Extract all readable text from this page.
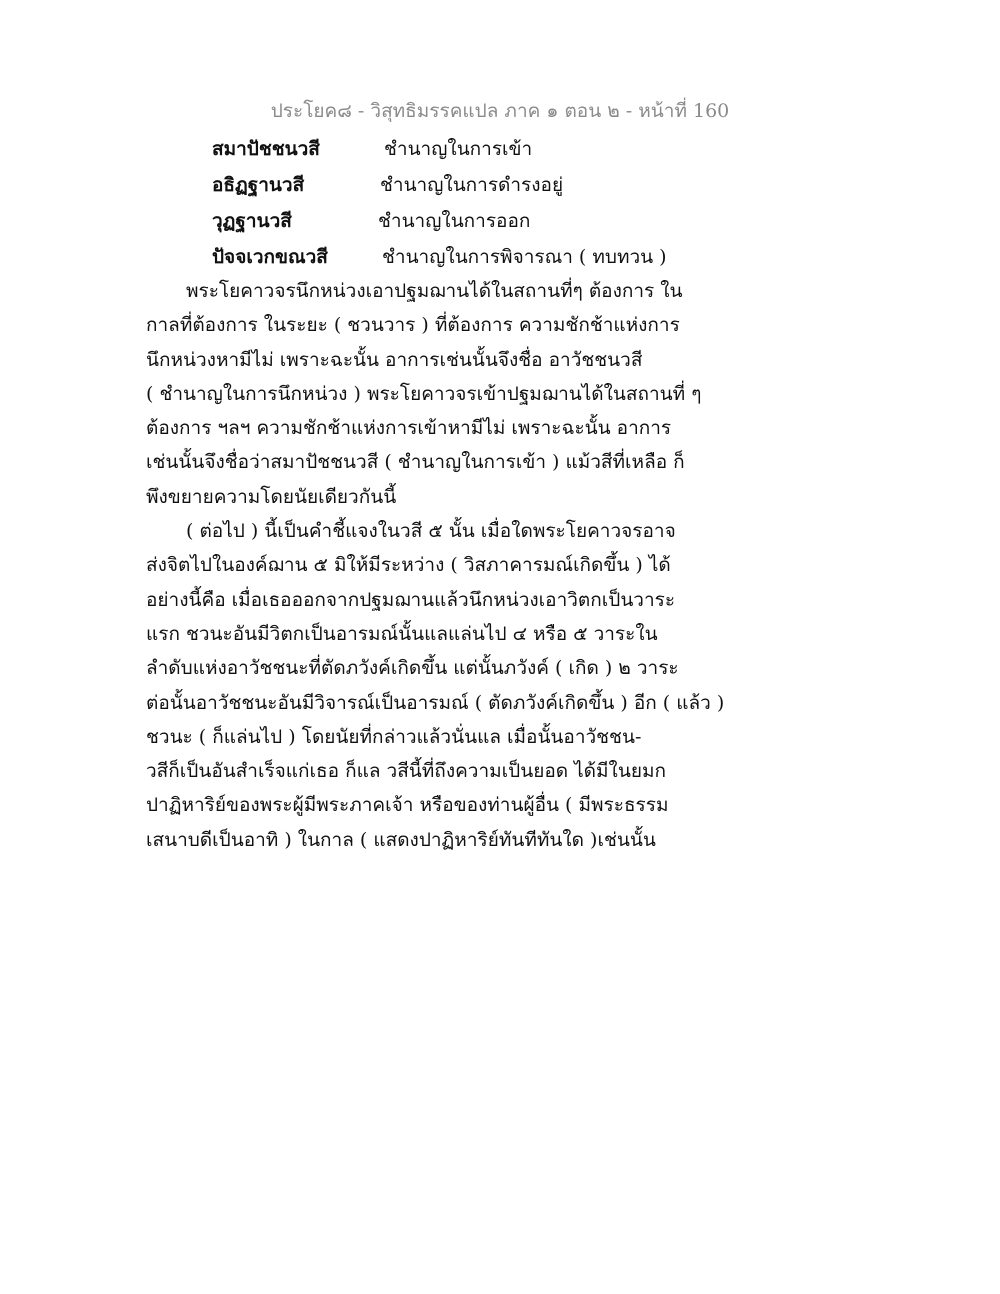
ประโยค๘ - วิสุทธิมรรคแปล ภาค ๑ ตอน ๒ - หน้าที่ 160
สมาปัชชนวสี	ชำนาญในการเข้า
อธิฏฐานวสี	ชำนาญในการดำรงอยู่
วุฏฐานวสี	ชำนาญในการออก
ปัจจเวกขณวสี	ชำนาญในการพิจารณา ( ทบทวน )
พระโยคาวจรนึกหน่วงเอาปฐมฌานได้ในสถานที่ๆ ต้องการ ใน
กาลที่ต้องการ ในระยะ ( ชวนวาร ) ที่ต้องการ ความชักช้าแห่งการ
นึกหน่วงหามีไม่ เพราะฉะนั้น อาการเช่นนั้นจึงชื่อ อาวัชชนวสี
( ชำนาญในการนึกหน่วง ) พระโยคาวจรเข้าปฐมฌานได้ในสถานที่ ๆ
ต้องการ ฯลฯ ความชักช้าแห่งการเข้าหามีไม่ เพราะฉะนั้น อาการ
เช่นนั้นจึงชื่อว่าสมาปัชชนวสี ( ชำนาญในการเข้า ) แม้วสีที่เหลือ ก็
พึงขยายความโดยนัยเดียวกันนี้
( ต่อไป ) นี้เป็นคำชี้แจงในวสี ๕ นั้น เมื่อใดพระโยคาวจรอาจ
ส่งจิตไปในองค์ฌาน ๕ มิให้มีระหว่าง ( วิสภาคารมณ์เกิดขึ้น ) ได้
อย่างนี้คือ เมื่อเธอออกจากปฐมฌานแล้วนึกหน่วงเอาวิตกเป็นวาระ
แรก ชวนะอันมีวิตกเป็นอารมณ์นั้นแลแล่นไป ๔ หรือ ๕ วาระใน
ลำดับแห่งอาวัชชนะที่ตัดภวังค์เกิดขึ้น แต่นั้นภวังค์ ( เกิด ) ๒ วาระ
ต่อนั้นอาวัชชนะอันมีวิจารณ์เป็นอารมณ์ ( ตัดภวังค์เกิดขึ้น ) อีก ( แล้ว )
ชวนะ ( ก็แล่นไป ) โดยนัยที่กล่าวแล้วนั่นแล เมื่อนั้นอาวัชชน-
วสีก็เป็นอันสำเร็จแก่เธอ ก็แล วสีนี้ที่ถึงความเป็นยอด ได้มีในยมก
ปาฏิหาริย์ของพระผู้มีพระภาคเจ้า หรือของท่านผู้อื่น ( มีพระธรรม
เสนาบดีเป็นอาทิ ) ในกาล ( แสดงปาฏิหาริย์ทันทีทันใด )เช่นนั้น
